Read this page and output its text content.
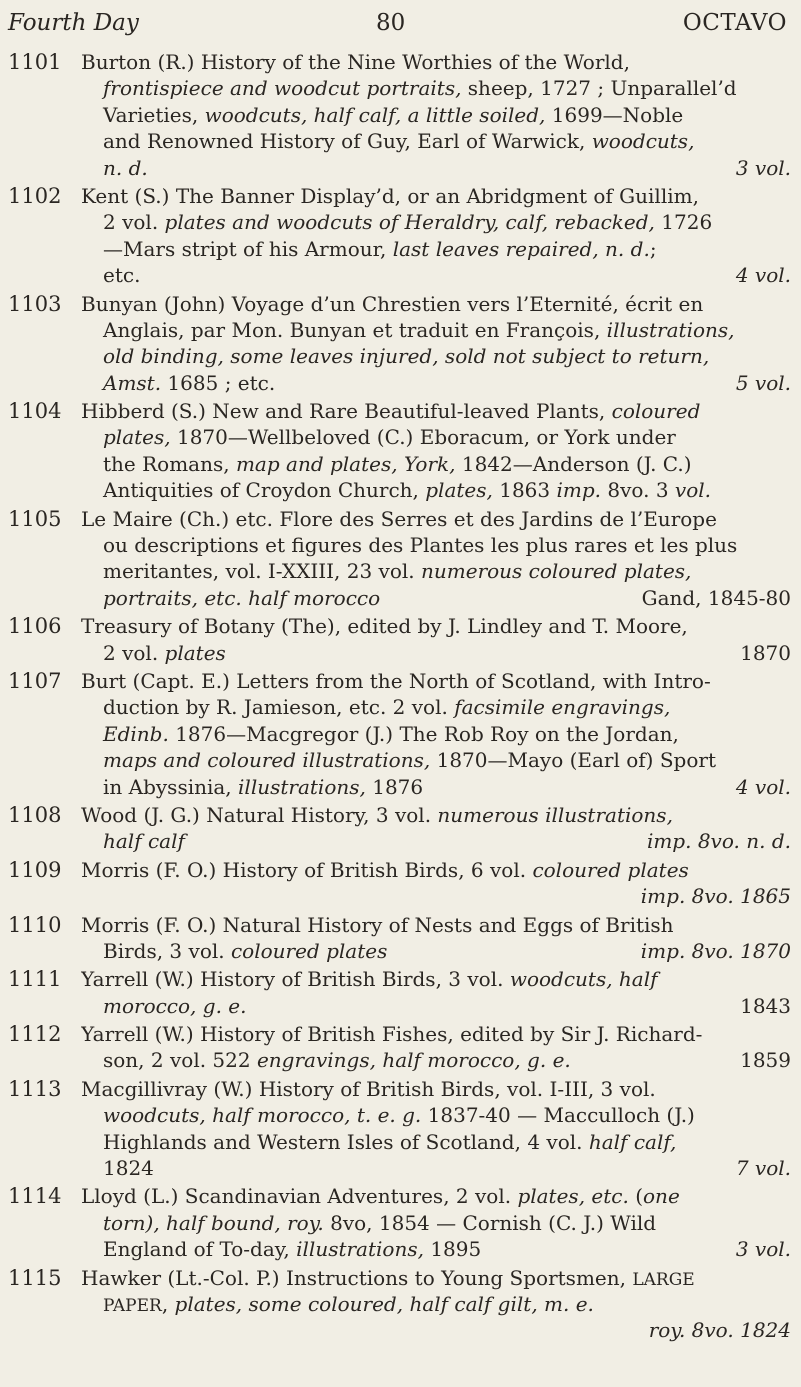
Fourth Day	80	OCTAVO
1101 Burton (R.) History of the Nine Worthies of the World,
frontispiece and woodcut portraits, sheep, 1727 ; Unparallel’d
Varieties, woodcuts, half calf, a little soiled, 1699—Noble
and Renowned History of Guy, Earl of Warwick, woodcuts,
n. d.	3 vol.
1102 Kent (S.) The Banner Display’d, or an Abridgment of Guillim,
2 vol. plates and woodcuts of Heraldry, calf, rebacked, 1726
—Mars stript of his Armour, last leaves repaired, n. d.;
etc.	4 vol.
1103 Bunyan (John) Voyage d’un Chrestien vers l’Eternité, écrit en
Anglais, par Mon. Bunyan et traduit en François, illustrations,
old binding, some leaves injured, sold not subject to return,
Amst. 1685 ; etc.	5 vol.
1104 Hibberd (S.) New and Rare Beautiful-leaved Plants, coloured
plates, 1870—Wellbeloved (C.) Eboracum, or York under
the Romans, map and plates, York, 1842—Anderson (J. C.)
Antiquities of Croydon Church, plates, 1863 imp. 8vo. 3 vol.
1105 Le Maire (Ch.) etc. Flore des Serres et des Jardins de l’Europe
ou descriptions et figures des Plantes les plus rares et les plus
meritantes, vol. I-XXIII, 23 vol. numerous coloured plates,
portraits, etc. half morocco	Gand, 1845-80
1106 Treasury of Botany (The), edited by J. Lindley and T. Moore,
2 vol. plates	1870
1107 Burt (Capt. E.) Letters from the North of Scotland, with Intro-
duction by R. Jamieson, etc. 2 vol. facsimile engravings,
Edinb. 1876—Macgregor (J.) The Rob Roy on the Jordan,
maps and coloured illustrations, 1870—Mayo (Earl of) Sport
in Abyssinia, illustrations, 1876	4 vol.
1108 Wood (J. G.) Natural History, 3 vol. numerous illustrations,
half calf	imp. 8vo. n. d.
1109 Morris (F. O.) History of British Birds, 6 vol. coloured plates
imp. 8vo. 1865
1110 Morris (F. O.) Natural History of Nests and Eggs of British
Birds, 3 vol. coloured plates	imp. 8vo. 1870
1111 Yarrell (W.) History of British Birds, 3 vol. woodcuts, half
morocco, g. e.	1843
1112 Yarrell (W.) History of British Fishes, edited by Sir J. Richard-
son, 2 vol. 522 engravings, half morocco, g. e.	1859
1113 Macgillivray (W.) History of British Birds, vol. I-III, 3 vol.
woodcuts, half morocco, t. e. g. 1837-40 — Macculloch (J.)
Highlands and Western Isles of Scotland, 4 vol. half calf,
1824	7 vol.
1114 Lloyd (L.) Scandinavian Adventures, 2 vol. plates, etc. (one
torn), half bound, roy. 8vo, 1854 — Cornish (C. J.) Wild
England of To-day, illustrations, 1895	3 vol.
1115 Hawker (Lt.-Col. P.) Instructions to Young Sportsmen, LARGE
PAPER, plates, some coloured, half calf gilt, m. e.
roy. 8vo. 1824
